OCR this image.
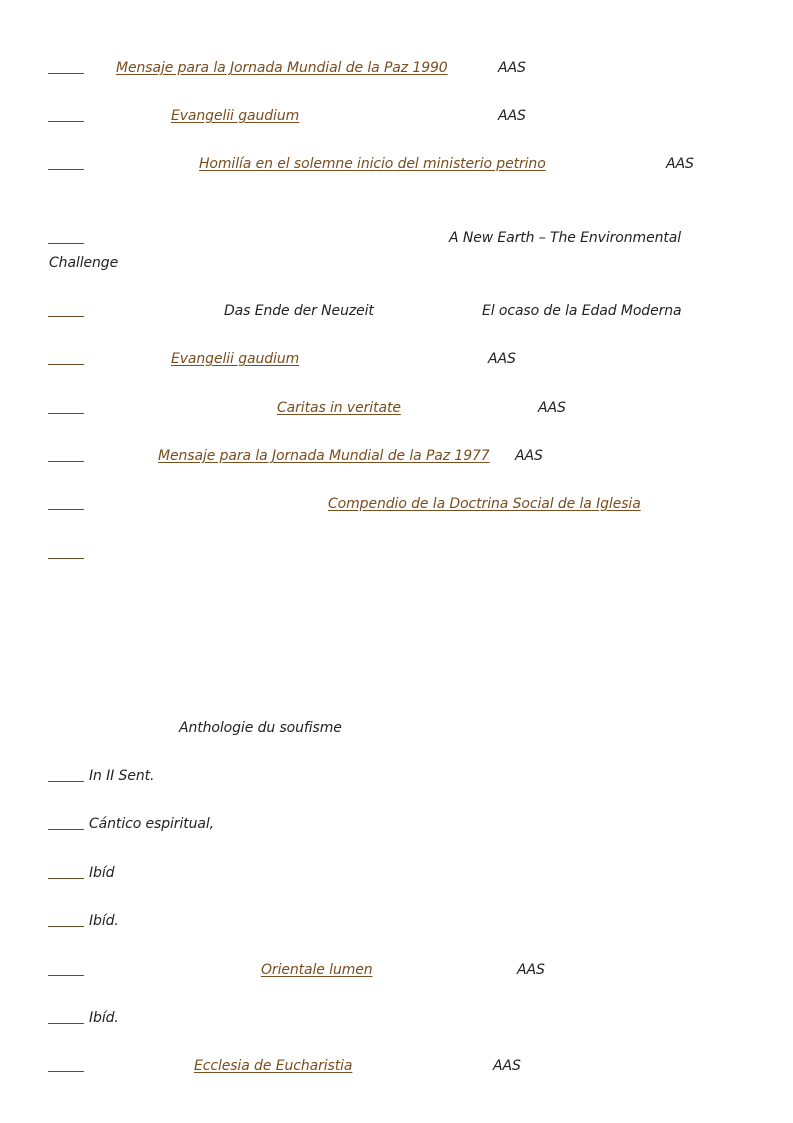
Mensaje para la Jornada Mundial de la Paz 1990	AAS
Evangelii gaudium	AAS
Homilía en el solemne inicio del ministerio petrino	AAS
A New Earth – The Environmental
Challenge
Das Ende der Neuzeit	El ocaso de la Edad Moderna
Evangelii gaudium	AAS
Caritas in veritate	AAS
Mensaje para la Jornada Mundial de la Paz 1977 AAS
Compendio de la Doctrina Social de la Iglesia
Anthologie du soufisme
In II Sent.
Cántico espiritual,
Ibíd
Ibíd.
Orientale lumen	AAS
Ibíd.
Ecclesia de Eucharistia	AAS
